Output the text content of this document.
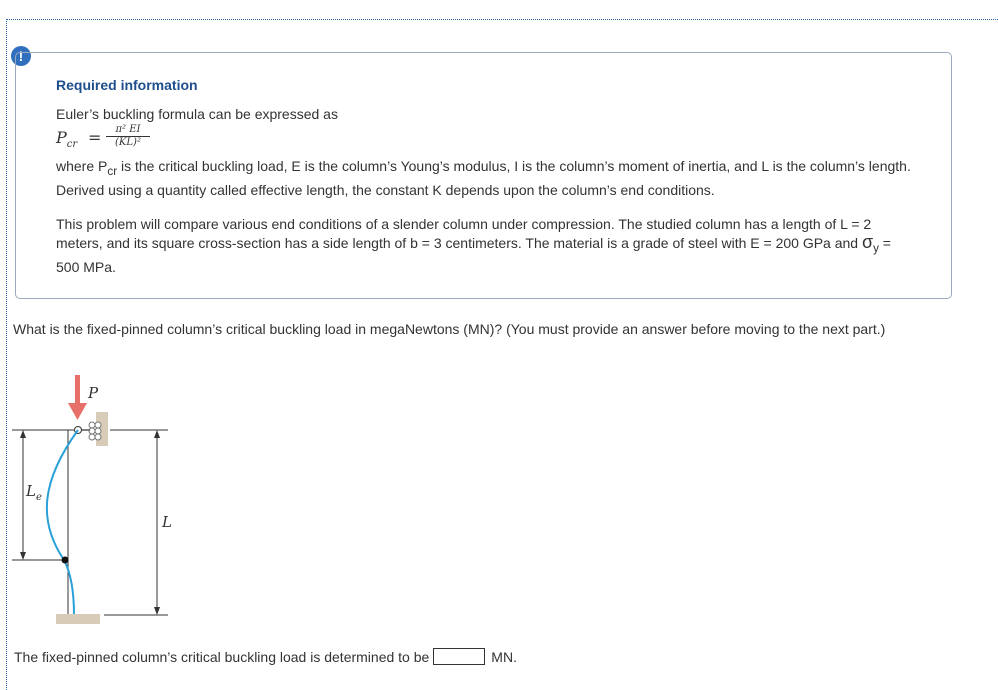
!
Required information
Euler’s buckling formula can be expressed as
$P_{cr} = \frac{\text{π² EI}}{\text{(KL)²}}$
where $P_{cr}$ is the critical buckling load, E is the column’s Young’s modulus, I is the column’s moment of inertia, and L is the column’s length. Derived using a quantity called effective length, the constant K depends upon the column’s end conditions.
This problem will compare various end conditions of a slender column under compression. The studied column has a length of L = 2 meters, and its square cross-section has a side length of b = 3 centimeters. The material is a grade of steel with E = 200 GPa and $\sigma_y = 500$ MPa.
What is the fixed-pinned column’s critical buckling load in megaNewtons (MN)? (You must provide an answer before moving to the next part.)
P
$L_e$
L
The fixed-pinned column’s critical buckling load is determined to be	MN.
